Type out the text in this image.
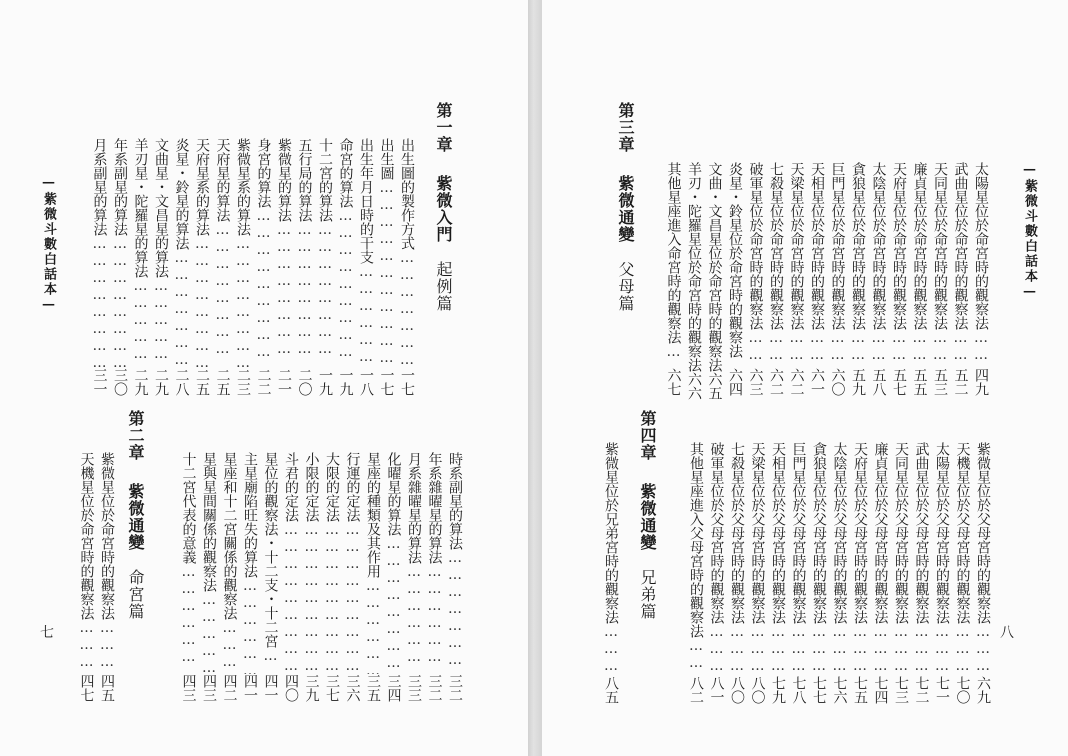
—紫微斗數白話本—
七
第一章紫微入門起例篇
出生圖的製作方式
…………………………………………………………………………………………………………
一七
出生圖
…………………………………………………………………………………………………………
一七
出生年月日時的干支
…………………………………………………………………………………………………………
一八
命宮的算法
…………………………………………………………………………………………………………
一九
十二宮的算法
…………………………………………………………………………………………………………
一九
五行局的算法
…………………………………………………………………………………………………………
二〇
紫微星的算法
…………………………………………………………………………………………………………
二一
身宮的算法
…………………………………………………………………………………………………………
二二
紫微星系的算法
…………………………………………………………………………………………………………
二三
天府星的算法
…………………………………………………………………………………………………………
二五
天府星系的算法
…………………………………………………………………………………………………………
二五
炎星・鈴星的算法
…………………………………………………………………………………………………………
二八
文曲星・文昌星的算法
…………………………………………………………………………………………………………
二九
羊刃星・陀羅星的算法
…………………………………………………………………………………………………………
二九
年系副星的算法
…………………………………………………………………………………………………………
三〇
月系副星的算法
…………………………………………………………………………………………………………
三一
時系副星的算法
…………………………………………………………………………………………………………
三二
年系雜曜星的算法
…………………………………………………………………………………………………………
三二
月系雜曜星的算法
…………………………………………………………………………………………………………
三三
化曜星的算法
…………………………………………………………………………………………………………
三四
星座的種類及其作用
…………………………………………………………………………………………………………
三五
行運的定法
…………………………………………………………………………………………………………
三六
大限的定法
…………………………………………………………………………………………………………
三七
小限的定法
…………………………………………………………………………………………………………
三九
斗君的定法
…………………………………………………………………………………………………………
四〇
星位的觀察法・十二支・十二宮
…………………………………………………………………………………………………………
四一
主星廟陷旺失的算法
…………………………………………………………………………………………………………
四一
星座和十二宮關係的觀察法
…………………………………………………………………………………………………………
四二
星與星間關係的觀察法
…………………………………………………………………………………………………………
四三
十二宮代表的意義
…………………………………………………………………………………………………………
四三
第二章紫微通變命宮篇
紫微星位於命宮時的觀察法
…………………………………………………………………………………………………………
四五
天機星位於命宮時的觀察法
…………………………………………………………………………………………………………
四七
—紫微斗數白話本—
八
太陽星位於命宮時的觀察法
…………………………………………………………………………………………………………
四九
武曲星位於命宮時的觀察法
…………………………………………………………………………………………………………
五二
天同星位於命宮時的觀察法
…………………………………………………………………………………………………………
五三
廉貞星位於命宮時的觀察法
…………………………………………………………………………………………………………
五五
天府星位於命宮時的觀察法
…………………………………………………………………………………………………………
五七
太陰星位於命宮時的觀察法
…………………………………………………………………………………………………………
五八
貪狼星位於命宮時的觀察法
…………………………………………………………………………………………………………
五九
巨門星位於命宮時的觀察法
…………………………………………………………………………………………………………
六〇
天相星位於命宮時的觀察法
…………………………………………………………………………………………………………
六一
天梁星位於命宮時的觀察法
…………………………………………………………………………………………………………
六二
七殺星位於命宮時的觀察法
…………………………………………………………………………………………………………
六二
破軍星位於命宮時的觀察法
…………………………………………………………………………………………………………
六三
炎星・鈴星位於命宮時的觀察法
…………………………………………………………………………………………………………
六四
文曲・文昌星位於命宮時的觀察法
六五
羊刃・陀羅星位於命宮時的觀察法
六六
其他星座進入命宮時的觀察法
…………………………………………………………………………………………………………
六七
第三章紫微通變父母篇
紫微星位於父母宮時的觀察法
…………………………………………………………………………………………………………
六九
天機星位於父母宮時的觀察法
…………………………………………………………………………………………………………
七〇
太陽星位於父母宮時的觀察法
…………………………………………………………………………………………………………
七一
武曲星位於父母宮時的觀察法
…………………………………………………………………………………………………………
七二
天同星位於父母宮時的觀察法
…………………………………………………………………………………………………………
七三
廉貞星位於父母宮時的觀察法
…………………………………………………………………………………………………………
七四
天府星位於父母宮時的觀察法
…………………………………………………………………………………………………………
七五
太陰星位於父母宮時的觀察法
…………………………………………………………………………………………………………
七六
貪狼星位於父母宮時的觀察法
…………………………………………………………………………………………………………
七七
巨門星位於父母宮時的觀察法
…………………………………………………………………………………………………………
七八
天相星位於父母宮時的觀察法
…………………………………………………………………………………………………………
七九
天梁星位於父母宮時的觀察法
…………………………………………………………………………………………………………
八〇
七殺星位於父母宮時的觀察法
…………………………………………………………………………………………………………
八〇
破軍星位於父母宮時的觀察法
…………………………………………………………………………………………………………
八一
其他星座進入父母宮時的觀察法
…………………………………………………………………………………………………………
八二
第四章紫微通變兄弟篇
紫微星位於兄弟宮時的觀察法
…………………………………………………………………………………………………………
八五
